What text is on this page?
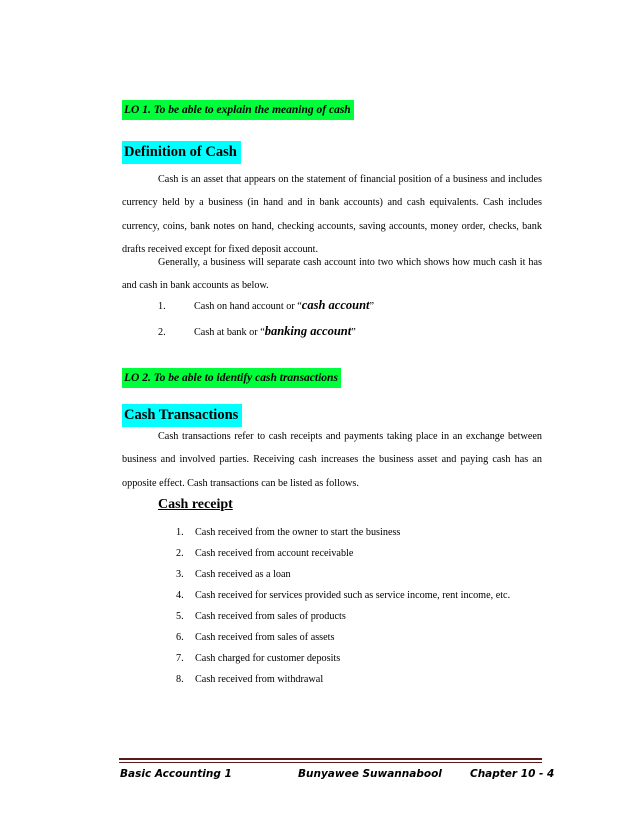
LO 1. To be able to explain the meaning of cash
Definition of Cash

Cash is an asset that appears on the statement of financial position of a business and includes currency held by a business (in hand and in bank accounts) and cash equivalents. Cash includes currency, coins, bank notes on hand, checking accounts, saving accounts, money order, checks, bank drafts received except for fixed deposit account.

Generally, a business will separate cash account into two which shows how much cash it has and cash in bank accounts as below.

1.	Cash on hand account or “cash account”
2.	Cash at bank or “banking account”
LO 2. To be able to identify cash transactions
Cash Transactions

Cash transactions refer to cash receipts and payments taking place in an exchange between business and involved parties. Receiving cash increases the business asset and paying cash has an opposite effect. Cash transactions can be listed as follows.

Cash receipt
1. Cash received from the owner to start the business
2. Cash received from account receivable
3. Cash received as a loan
4. Cash received for services provided such as service income, rent income, etc.
5. Cash received from sales of products
6. Cash received from sales of assets
7. Cash charged for customer deposits
8. Cash received from withdrawal
Basic Accounting 1	Bunyawee Suwannabool	Chapter 10 - 4
